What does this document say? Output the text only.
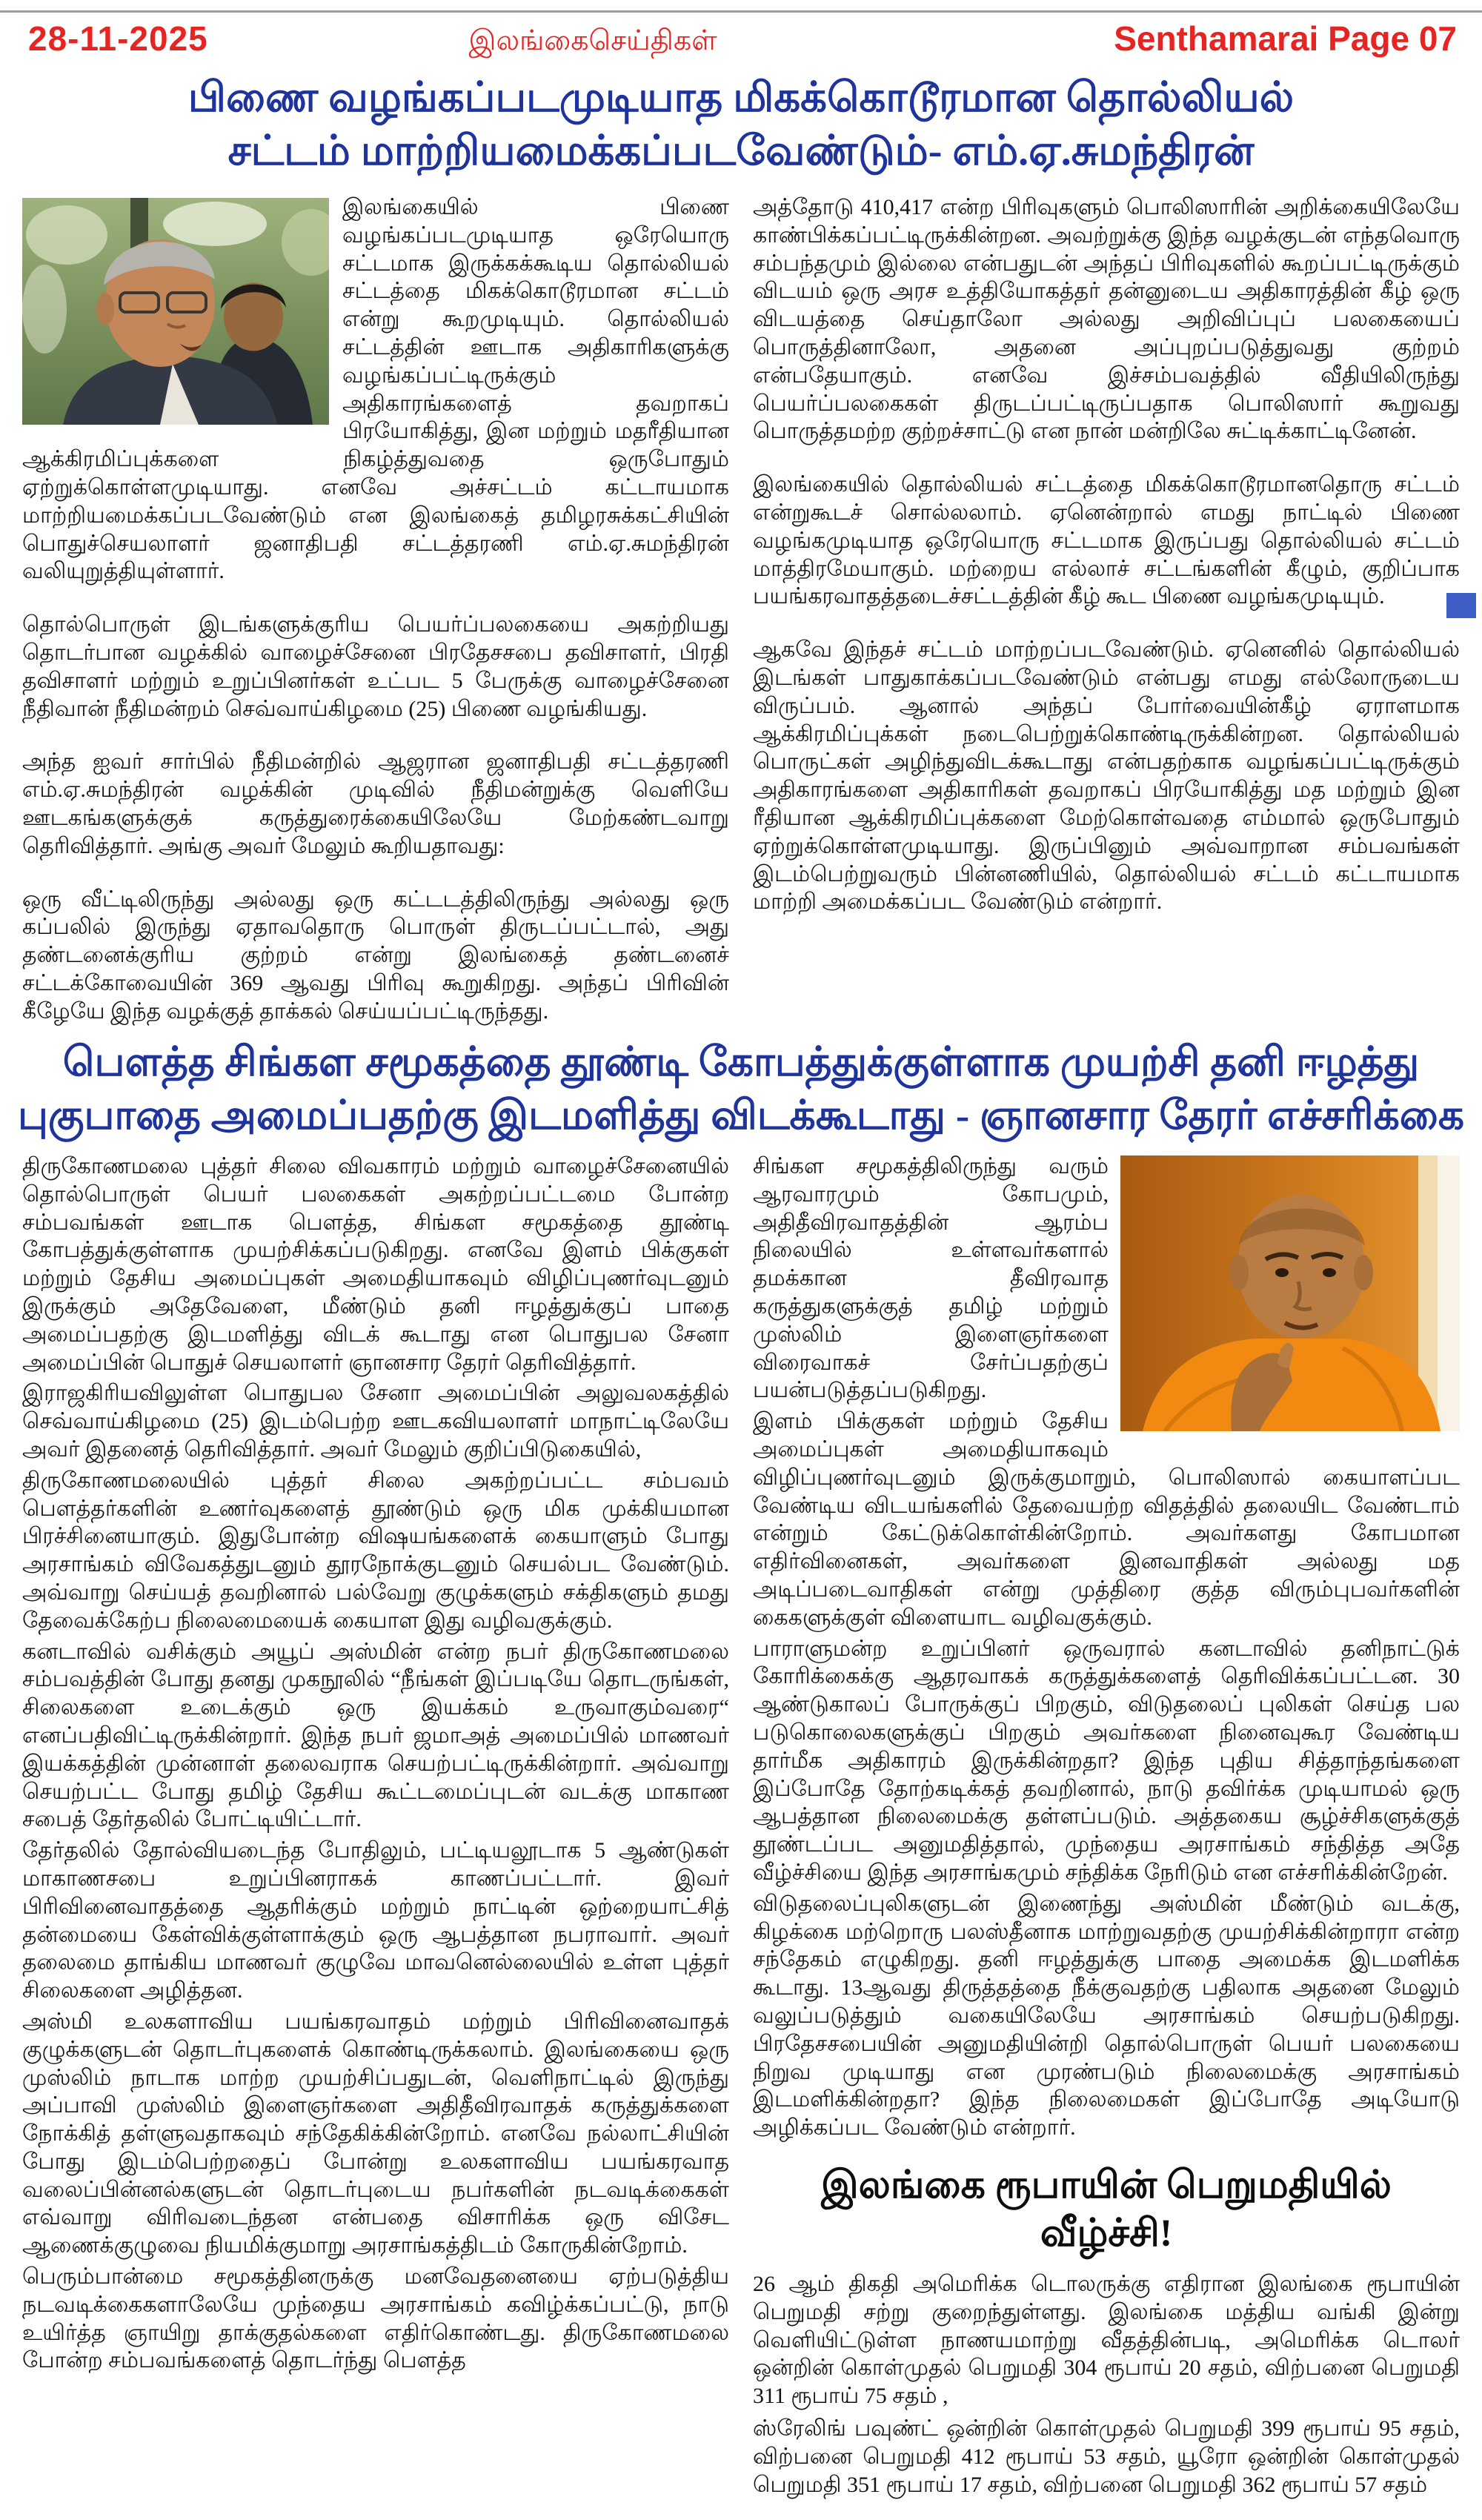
28-11-2025	இலங்கைசெய்திகள்	Senthamarai Page 07
பிணை வழங்கப்படமுடியாத மிகக்கொடூரமான தொல்லியல்
சட்டம் மாற்றியமைக்கப்படவேண்டும்- எம்.ஏ.சுமந்திரன்

இலங்கையில் பிணை வழங்கப்படமுடியாத ஒரேயொரு சட்டமாக இருக்கக்கூடிய தொல்லியல் சட்டத்தை மிகக்கொடூரமான சட்டம் என்று கூறமுடியும். தொல்லியல் சட்டத்தின் ஊடாக அதிகாரிகளுக்கு வழங்கப்பட்டிருக்கும் அதிகாரங்களைத் தவறாகப் பிரயோகித்து, இன மற்றும் மதரீதியான ஆக்கிரமிப்புக்களை நிகழ்த்துவதை ஒருபோதும் ஏற்றுக்கொள்ளமுடியாது. எனவே அச்சட்டம் கட்டாயமாக மாற்றியமைக்கப்படவேண்டும் என இலங்கைத் தமிழரசுக்கட்சியின் பொதுச்செயலாளர் ஜனாதிபதி சட்டத்தரணி எம்.ஏ.சுமந்திரன் வலியுறுத்தியுள்ளார்.

தொல்பொருள் இடங்களுக்குரிய பெயர்ப்பலகையை அகற்றியது தொடர்பான வழக்கில் வாழைச்சேனை பிரதேசசபை தவிசாளர், பிரதி தவிசாளர் மற்றும் உறுப்பினர்கள் உட்பட 5 பேருக்கு வாழைச்சேனை நீதிவான் நீதிமன்றம் செவ்வாய்கிழமை (25) பிணை வழங்கியது.

அந்த ஐவர் சார்பில் நீதிமன்றில் ஆஜரான ஜனாதிபதி சட்டத்தரணி எம்.ஏ.சுமந்திரன் வழக்கின் முடிவில் நீதிமன்றுக்கு வெளியே ஊடகங்களுக்குக் கருத்துரைக்கையிலேயே மேற்கண்டவாறு தெரிவித்தார். அங்கு அவர் மேலும் கூறியதாவது:

ஒரு வீட்டிலிருந்து அல்லது ஒரு கட்டடத்திலிருந்து அல்லது ஒரு கப்பலில் இருந்து ஏதாவதொரு பொருள் திருடப்பட்டால், அது தண்டனைக்குரிய குற்றம் என்று இலங்கைத் தண்டனைச் சட்டக்கோவையின் 369 ஆவது பிரிவு கூறுகிறது. அந்தப் பிரிவின் கீழேயே இந்த வழக்குத் தாக்கல் செய்யப்பட்டிருந்தது.

அத்தோடு 410,417 என்ற பிரிவுகளும் பொலிஸாரின் அறிக்கையிலேயே காண்பிக்கப்பட்டிருக்கின்றன. அவற்றுக்கு இந்த வழக்குடன் எந்தவொரு சம்பந்தமும் இல்லை என்பதுடன் அந்தப் பிரிவுகளில் கூறப்பட்டிருக்கும் விடயம் ஒரு அரச உத்தியோகத்தர் தன்னுடைய அதிகாரத்தின் கீழ் ஒரு விடயத்தை செய்தாலோ அல்லது அறிவிப்புப் பலகையைப் பொருத்தினாலோ, அதனை அப்புறப்படுத்துவது குற்றம் என்பதேயாகும். எனவே இச்சம்பவத்தில் வீதியிலிருந்து பெயர்ப்பலகைகள் திருடப்பட்டிருப்பதாக பொலிஸார் கூறுவது பொருத்தமற்ற குற்றச்சாட்டு என நான் மன்றிலே சுட்டிக்காட்டினேன்.

இலங்கையில் தொல்லியல் சட்டத்தை மிகக்கொடூரமானதொரு சட்டம் என்றுகூடச் சொல்லலாம். ஏனென்றால் எமது நாட்டில் பிணை வழங்கமுடியாத ஒரேயொரு சட்டமாக இருப்பது தொல்லியல் சட்டம் மாத்திரமேயாகும். மற்றைய எல்லாச் சட்டங்களின் கீழும், குறிப்பாக பயங்கரவாதத்தடைச்சட்டத்தின் கீழ் கூட பிணை வழங்கமுடியும்.

ஆகவே இந்தச் சட்டம் மாற்றப்படவேண்டும். ஏனெனில் தொல்லியல் இடங்கள் பாதுகாக்கப்படவேண்டும் என்பது எமது எல்லோருடைய விருப்பம். ஆனால் அந்தப் போர்வையின்கீழ் ஏராளமாக ஆக்கிரமிப்புக்கள் நடைபெற்றுக்கொண்டிருக்கின்றன. தொல்லியல் பொருட்கள் அழிந்துவிடக்கூடாது என்பதற்காக வழங்கப்பட்டிருக்கும் அதிகாரங்களை அதிகாரிகள் தவறாகப் பிரயோகித்து மத மற்றும் இன ரீதியான ஆக்கிரமிப்புக்களை மேற்கொள்வதை எம்மால் ஒருபோதும் ஏற்றுக்கொள்ளமுடியாது. இருப்பினும் அவ்வாறான சம்பவங்கள் இடம்பெற்றுவரும் பின்னணியில், தொல்லியல் சட்டம் கட்டாயமாக மாற்றி அமைக்கப்பட வேண்டும் என்றார்.

பௌத்த சிங்கள சமூகத்தை தூண்டி கோபத்துக்குள்ளாக முயற்சி தனி ஈழத்து
புகுபாதை அமைப்பதற்கு இடமளித்து விடக்கூடாது - ஞானசார தேரர் எச்சரிக்கை

திருகோணமலை புத்தர் சிலை விவகாரம் மற்றும் வாழைச்சேனையில் தொல்பொருள் பெயர் பலகைகள் அகற்றப்பட்டமை போன்ற சம்பவங்கள் ஊடாக பௌத்த, சிங்கள சமூகத்தை தூண்டி கோபத்துக்குள்ளாக முயற்சிக்கப்படுகிறது. எனவே இளம் பிக்குகள் மற்றும் தேசிய அமைப்புகள் அமைதியாகவும் விழிப்புணர்வுடனும் இருக்கும் அதேவேளை, மீண்டும் தனி ஈழத்துக்குப் பாதை அமைப்பதற்கு இடமளித்து விடக் கூடாது என பொதுபல சேனா அமைப்பின் பொதுச் செயலாளர் ஞானசார தேரர் தெரிவித்தார்.

இராஜகிரியவிலுள்ள பொதுபல சேனா அமைப்பின் அலுவலகத்தில் செவ்வாய்கிழமை (25) இடம்பெற்ற ஊடகவியலாளர் மாநாட்டிலேயே அவர் இதனைத் தெரிவித்தார். அவர் மேலும் குறிப்பிடுகையில்,

திருகோணமலையில் புத்தர் சிலை அகற்றப்பட்ட சம்பவம் பௌத்தர்களின் உணர்வுகளைத் தூண்டும் ஒரு மிக முக்கியமான பிரச்சினையாகும். இதுபோன்ற விஷயங்களைக் கையாளும் போது அரசாங்கம் விவேகத்துடனும் தூரநோக்குடனும் செயல்பட வேண்டும். அவ்வாறு செய்யத் தவறினால் பல்வேறு குழுக்களும் சக்திகளும் தமது தேவைக்கேற்ப நிலைமையைக் கையாள இது வழிவகுக்கும்.

கனடாவில் வசிக்கும் அயூப் அஸ்மின் என்ற நபர் திருகோணமலை சம்பவத்தின் போது தனது முகநூலில் “நீங்கள் இப்படியே தொடருங்கள், சிலைகளை உடைக்கும் ஒரு இயக்கம் உருவாகும்வரை“ எனப்பதிவிட்டிருக்கின்றார். இந்த நபர் ஜமாஅத் அமைப்பில் மாணவர் இயக்கத்தின் முன்னாள் தலைவராக செயற்பட்டிருக்கின்றார். அவ்வாறு செயற்பட்ட போது தமிழ் தேசிய கூட்டமைப்புடன் வடக்கு மாகாண சபைத் தேர்தலில் போட்டியிட்டார்.

தேர்தலில் தோல்வியடைந்த போதிலும், பட்டியலூடாக 5 ஆண்டுகள் மாகாணசபை உறுப்பினராகக் காணப்பட்டார். இவர் பிரிவினைவாதத்தை ஆதரிக்கும் மற்றும் நாட்டின் ஒற்றையாட்சித் தன்மையை கேள்விக்குள்ளாக்கும் ஒரு ஆபத்தான நபராவார். அவர் தலைமை தாங்கிய மாணவர் குழுவே மாவனெல்லையில் உள்ள புத்தர் சிலைகளை அழித்தன.

அஸ்மி உலகளாவிய பயங்கரவாதம் மற்றும் பிரிவினைவாதக் குழுக்களுடன் தொடர்புகளைக் கொண்டிருக்கலாம். இலங்கையை ஒரு முஸ்லிம் நாடாக மாற்ற முயற்சிப்பதுடன், வெளிநாட்டில் இருந்து அப்பாவி முஸ்லிம் இளைஞர்களை அதிதீவிரவாதக் கருத்துக்களை நோக்கித் தள்ளுவதாகவும் சந்தேகிக்கின்றோம். எனவே நல்லாட்சியின் போது இடம்பெற்றதைப் போன்று உலகளாவிய பயங்கரவாத வலைப்பின்னல்களுடன் தொடர்புடைய நபர்களின் நடவடிக்கைகள் எவ்வாறு விரிவடைந்தன என்பதை விசாரிக்க ஒரு விசேட ஆணைக்குழுவை நியமிக்குமாறு அரசாங்கத்திடம் கோருகின்றோம்.

பெரும்பான்மை சமூகத்தினருக்கு மனவேதனையை ஏற்படுத்திய நடவடிக்கைகளாலேயே முந்தைய அரசாங்கம் கவிழ்க்கப்பட்டு, நாடு உயிர்த்த ஞாயிறு தாக்குதல்களை எதிர்கொண்டது. திருகோணமலை போன்ற சம்பவங்களைத் தொடர்ந்து பௌத்த

சிங்கள சமூகத்திலிருந்து வரும் ஆரவாரமும் கோபமும், அதிதீவிரவாதத்தின் ஆரம்ப நிலையில் உள்ளவர்களால் தமக்கான தீவிரவாத கருத்துகளுக்குத் தமிழ் மற்றும் முஸ்லிம் இளைஞர்களை விரைவாகச் சேர்ப்பதற்குப் பயன்படுத்தப்படுகிறது.

இளம் பிக்குகள் மற்றும் தேசிய அமைப்புகள் அமைதியாகவும் விழிப்புணர்வுடனும் இருக்குமாறும், பொலிஸால் கையாளப்பட வேண்டிய விடயங்களில் தேவையற்ற விதத்தில் தலையிட வேண்டாம் என்றும் கேட்டுக்கொள்கின்றோம். அவர்களது கோபமான எதிர்வினைகள், அவர்களை இனவாதிகள் அல்லது மத அடிப்படைவாதிகள் என்று முத்திரை குத்த விரும்புபவர்களின் கைகளுக்குள் விளையாட வழிவகுக்கும்.

பாராளுமன்ற உறுப்பினர் ஒருவரால் கனடாவில் தனிநாட்டுக் கோரிக்கைக்கு ஆதரவாகக் கருத்துக்களைத் தெரிவிக்கப்பட்டன. 30 ஆண்டுகாலப் போருக்குப் பிறகும், விடுதலைப் புலிகள் செய்த பல படுகொலைகளுக்குப் பிறகும் அவர்களை நினைவுகூர வேண்டிய தார்மீக அதிகாரம் இருக்கின்றதா? இந்த புதிய சித்தாந்தங்களை இப்போதே தோற்கடிக்கத் தவறினால், நாடு தவிர்க்க முடியாமல் ஒரு ஆபத்தான நிலைமைக்கு தள்ளப்படும். அத்தகைய சூழ்ச்சிகளுக்குத் தூண்டப்பட அனுமதித்தால், முந்தைய அரசாங்கம் சந்தித்த அதே வீழ்ச்சியை இந்த அரசாங்கமும் சந்திக்க நேரிடும் என எச்சரிக்கின்றேன்.

விடுதலைப்புலிகளுடன் இணைந்து அஸ்மின் மீண்டும் வடக்கு, கிழக்கை மற்றொரு பலஸ்தீனாக மாற்றுவதற்கு முயற்சிக்கின்றாரா என்ற சந்தேகம் எழுகிறது. தனி ஈழத்துக்கு பாதை அமைக்க இடமளிக்க கூடாது. 13ஆவது திருத்தத்தை நீக்குவதற்கு பதிலாக அதனை மேலும் வலுப்படுத்தும் வகையிலேயே அரசாங்கம் செயற்படுகிறது. பிரதேசசபையின் அனுமதியின்றி தொல்பொருள் பெயர் பலகையை நிறுவ முடியாது என முரண்படும் நிலைமைக்கு அரசாங்கம் இடமளிக்கின்றதா? இந்த நிலைமைகள் இப்போதே அடியோடு அழிக்கப்பட வேண்டும் என்றார்.

இலங்கை ரூபாயின் பெறுமதியில் வீழ்ச்சி!

26 ஆம் திகதி அமெரிக்க டொலருக்கு எதிரான இலங்கை ரூபாயின் பெறுமதி சற்று குறைந்துள்ளது. இலங்கை மத்திய வங்கி இன்று வெளியிட்டுள்ள நாணயமாற்று வீதத்தின்படி, அமெரிக்க டொலர் ஒன்றின் கொள்முதல் பெறுமதி 304 ரூபாய் 20 சதம், விற்பனை பெறுமதி 311 ரூபாய் 75 சதம் ,

ஸ்ரேலிங் பவுண்ட் ஒன்றின் கொள்முதல் பெறுமதி 399 ரூபாய் 95 சதம், விற்பனை பெறுமதி 412 ரூபாய் 53 சதம், யூரோ ஒன்றின் கொள்முதல் பெறுமதி 351 ரூபாய் 17 சதம், விற்பனை பெறுமதி 362 ரூபாய் 57 சதம்
